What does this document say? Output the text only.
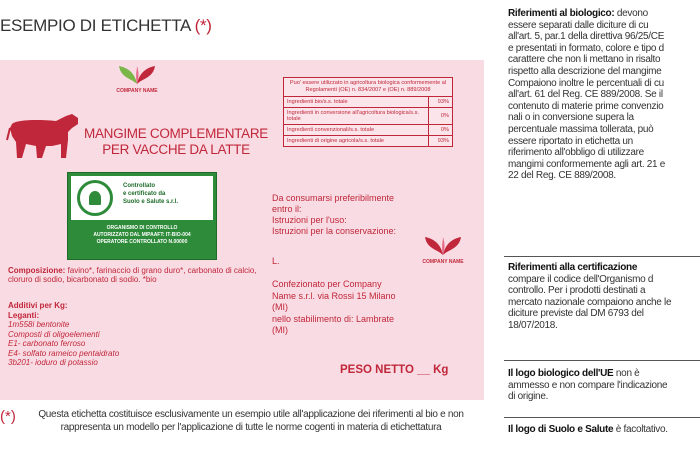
ESEMPIO DI ETICHETTA (*)
COMPANY NAME
MANGIME COMPLEMENTARE
PER VACCHE DA LATTE
Controllato
e certificato da
Suolo e Salute s.r.l.
ORGANISMO DI CONTROLLO
AUTORIZZATO DAL MIPAAFT: IT-BIO-004
OPERATORE CONTROLLATO N.00000
Composizione: favino*, farinaccio di grano duro*, carbonato di calcio, cloruro di sodio, bicarbonato di sodio. *bio
Additivi per Kg:
Leganti:
1m558i bentonite
Composti di oligoelementi
E1- carbonato ferroso
E4- solfato rameico pentaidrato
3b201- ioduro di potassio
Puo' essere utilizzato in agricoltura biologica conformemente al Regolamenti (OE) n. 834/2007 e (OE) n. 889/2008	
Ingredienti bio/s.s. totale	93%
Ingredienti in conversione all'agricoltura biologica/s.s. totale	0%
Ingredienti convenzionali/s.s. totale	0%
Ingredienti di origine agricola/s.s. totale	93%
Da consumarsi preferibilmente
entro il:
Istruzioni per l'uso:
Istruzioni per la conservazione:
COMPANY NAME
L.
Confezionato per Company
Name s.r.l. via Rossi 15 Milano
(MI)
nello stabilimento di: Lambrate
(MI)
PESO NETTO __ Kg
(*)	Questa etichetta costituisce esclusivamente un esempio utile all'applicazione dei riferimenti al bio e non
rappresenta un modello per l'applicazione di tutte le norme cogenti in materia di etichettatura
Riferimenti al biologico: devono
essere separati dalle diciture di cu
all'art. 5, par.1 della direttiva 96/25/CE
e presentati in formato, colore e tipo d
carattere che non li mettano in risalto
rispetto alla descrizione del mangime
Compaiono inoltre le percentuali di cu
all'art. 61 del Reg. CE 889/2008. Se il
contenuto di materie prime convenzio
nali o in conversione supera la
percentuale massima tollerata, può
essere riportato in etichetta un
riferimento all'obbligo di utilizzare
mangimi conformemente agli art. 21 e
22 del Reg. CE 889/2008.
Riferimenti alla certificazione
compare il codice dell'Organismo d
controllo. Per i prodotti destinati a
mercato nazionale compaiono anche le
diciture previste dal DM 6793 del
18/07/2018.
Il logo biologico dell'UE non è
ammesso e non compare l'indicazione
di origine.
Il logo di Suolo e Salute è facoltativo.
